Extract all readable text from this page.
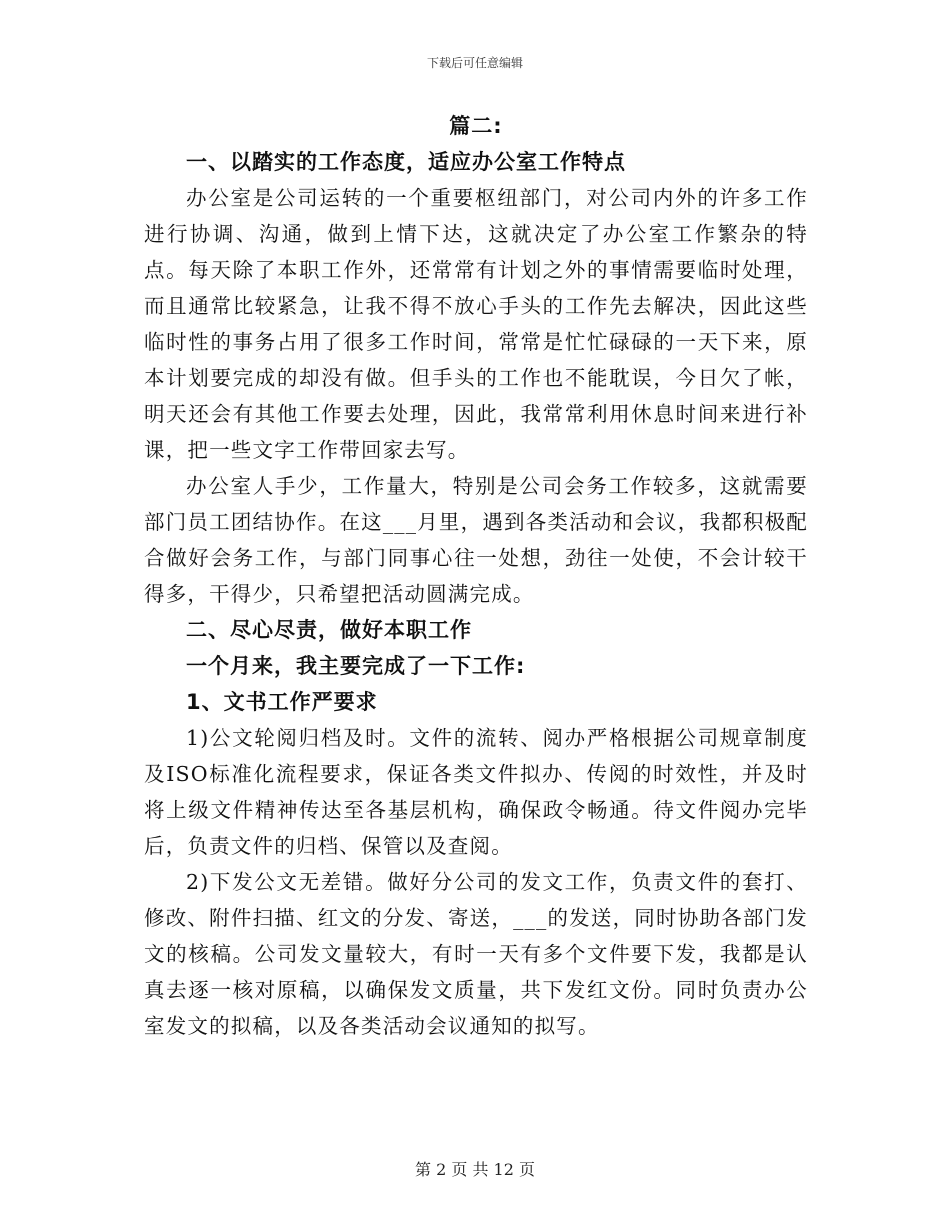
下载后可任意编辑
篇二:
一、以踏实的工作态度，适应办公室工作特点

办公室是公司运转的一个重要枢纽部门，对公司内外的许多工作进行协调、沟通，做到上情下达，这就决定了办公室工作繁杂的特点。每天除了本职工作外，还常常有计划之外的事情需要临时处理，而且通常比较紧急，让我不得不放心手头的工作先去解决，因此这些临时性的事务占用了很多工作时间，常常是忙忙碌碌的一天下来，原本计划要完成的却没有做。但手头的工作也不能耽误，今日欠了帐，明天还会有其他工作要去处理，因此，我常常利用休息时间来进行补课，把一些文字工作带回家去写。

办公室人手少，工作量大，特别是公司会务工作较多，这就需要部门员工团结协作。在这___月里，遇到各类活动和会议，我都积极配合做好会务工作，与部门同事心往一处想，劲往一处使，不会计较干得多，干得少，只希望把活动圆满完成。

二、尽心尽责，做好本职工作
一个月来，我主要完成了一下工作:
1、文书工作严要求

1)公文轮阅归档及时。文件的流转、阅办严格根据公司规章制度及ISO标准化流程要求，保证各类文件拟办、传阅的时效性，并及时将上级文件精神传达至各基层机构，确保政令畅通。待文件阅办完毕后，负责文件的归档、保管以及查阅。

2)下发公文无差错。做好分公司的发文工作，负责文件的套打、修改、附件扫描、红文的分发、寄送，___的发送，同时协助各部门发文的核稿。公司发文量较大，有时一天有多个文件要下发，我都是认真去逐一核对原稿，以确保发文质量，共下发红文份。同时负责办公室发文的拟稿，以及各类活动会议通知的拟写。

第 2 页 共 12 页
